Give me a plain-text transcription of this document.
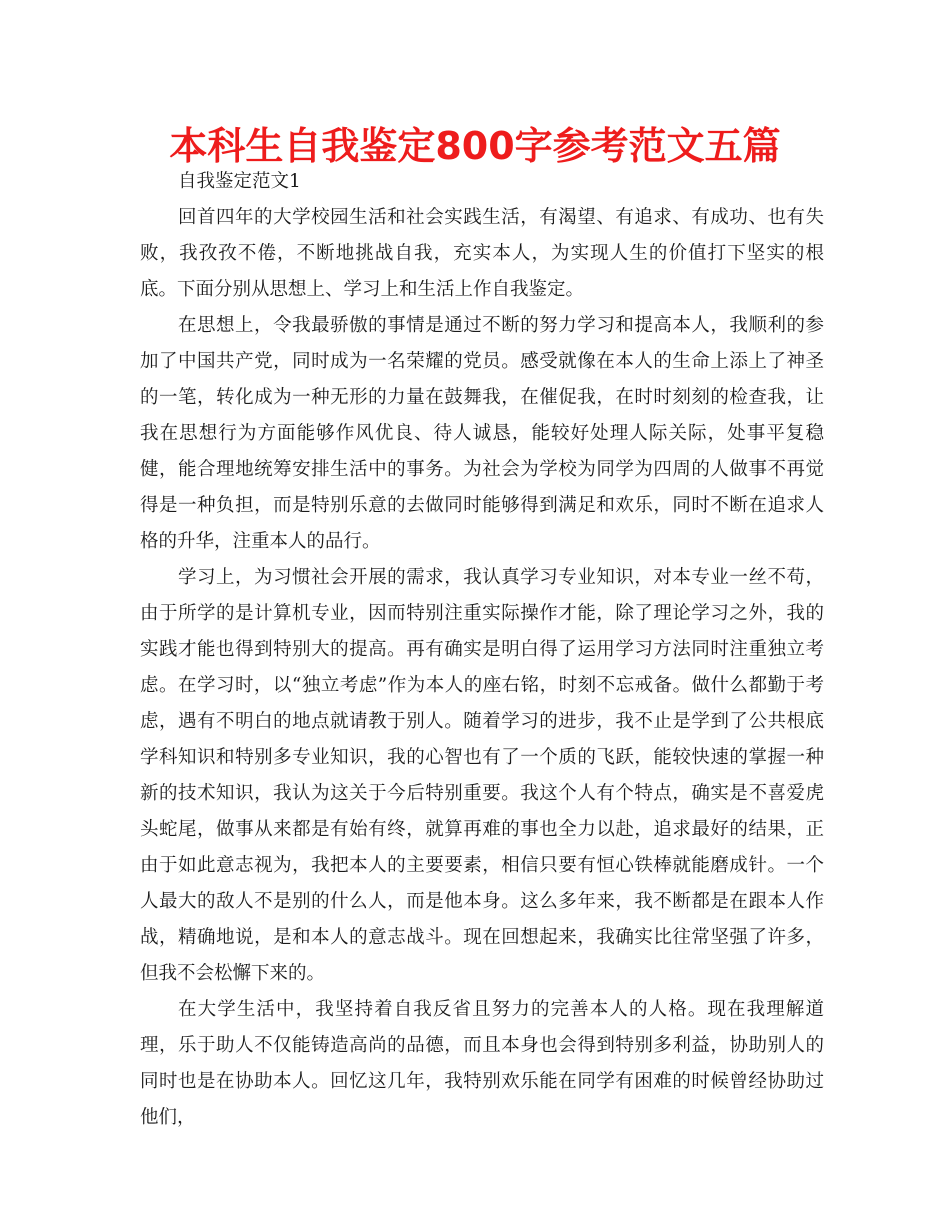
本科生自我鉴定800字参考范文五篇
自我鉴定范文1

回首四年的大学校园生活和社会实践生活，有渴望、有追求、有成功、也有失败，我孜孜不倦，不断地挑战自我，充实本人，为实现人生的价值打下坚实的根底。下面分别从思想上、学习上和生活上作自我鉴定。

在思想上，令我最骄傲的事情是通过不断的努力学习和提高本人，我顺利的参加了中国共产党，同时成为一名荣耀的党员。感受就像在本人的生命上添上了神圣的一笔，转化成为一种无形的力量在鼓舞我，在催促我，在时时刻刻的检查我，让我在思想行为方面能够作风优良、待人诚恳，能较好处理人际关际，处事平复稳健，能合理地统筹安排生活中的事务。为社会为学校为同学为四周的人做事不再觉得是一种负担，而是特别乐意的去做同时能够得到满足和欢乐，同时不断在追求人格的升华，注重本人的品行。

学习上，为习惯社会开展的需求，我认真学习专业知识，对本专业一丝不苟，由于所学的是计算机专业，因而特别注重实际操作才能，除了理论学习之外，我的实践才能也得到特别大的提高。再有确实是明白得了运用学习方法同时注重独立考虑。在学习时，以“独立考虑”作为本人的座右铭，时刻不忘戒备。做什么都勤于考虑，遇有不明白的地点就请教于别人。随着学习的进步，我不止是学到了公共根底学科知识和特别多专业知识，我的心智也有了一个质的飞跃，能较快速的掌握一种新的技术知识，我认为这关于今后特别重要。我这个人有个特点，确实是不喜爱虎头蛇尾，做事从来都是有始有终，就算再难的事也全力以赴，追求最好的结果，正由于如此意志视为，我把本人的主要要素，相信只要有恒心铁棒就能磨成针。一个人最大的敌人不是别的什么人，而是他本身。这么多年来，我不断都是在跟本人作战，精确地说，是和本人的意志战斗。现在回想起来，我确实比往常坚强了许多，但我不会松懈下来的。

在大学生活中，我坚持着自我反省且努力的完善本人的人格。现在我理解道理，乐于助人不仅能铸造高尚的品德，而且本身也会得到特别多利益，协助别人的同时也是在协助本人。回忆这几年，我特别欢乐能在同学有困难的时候曾经协助过他们，
